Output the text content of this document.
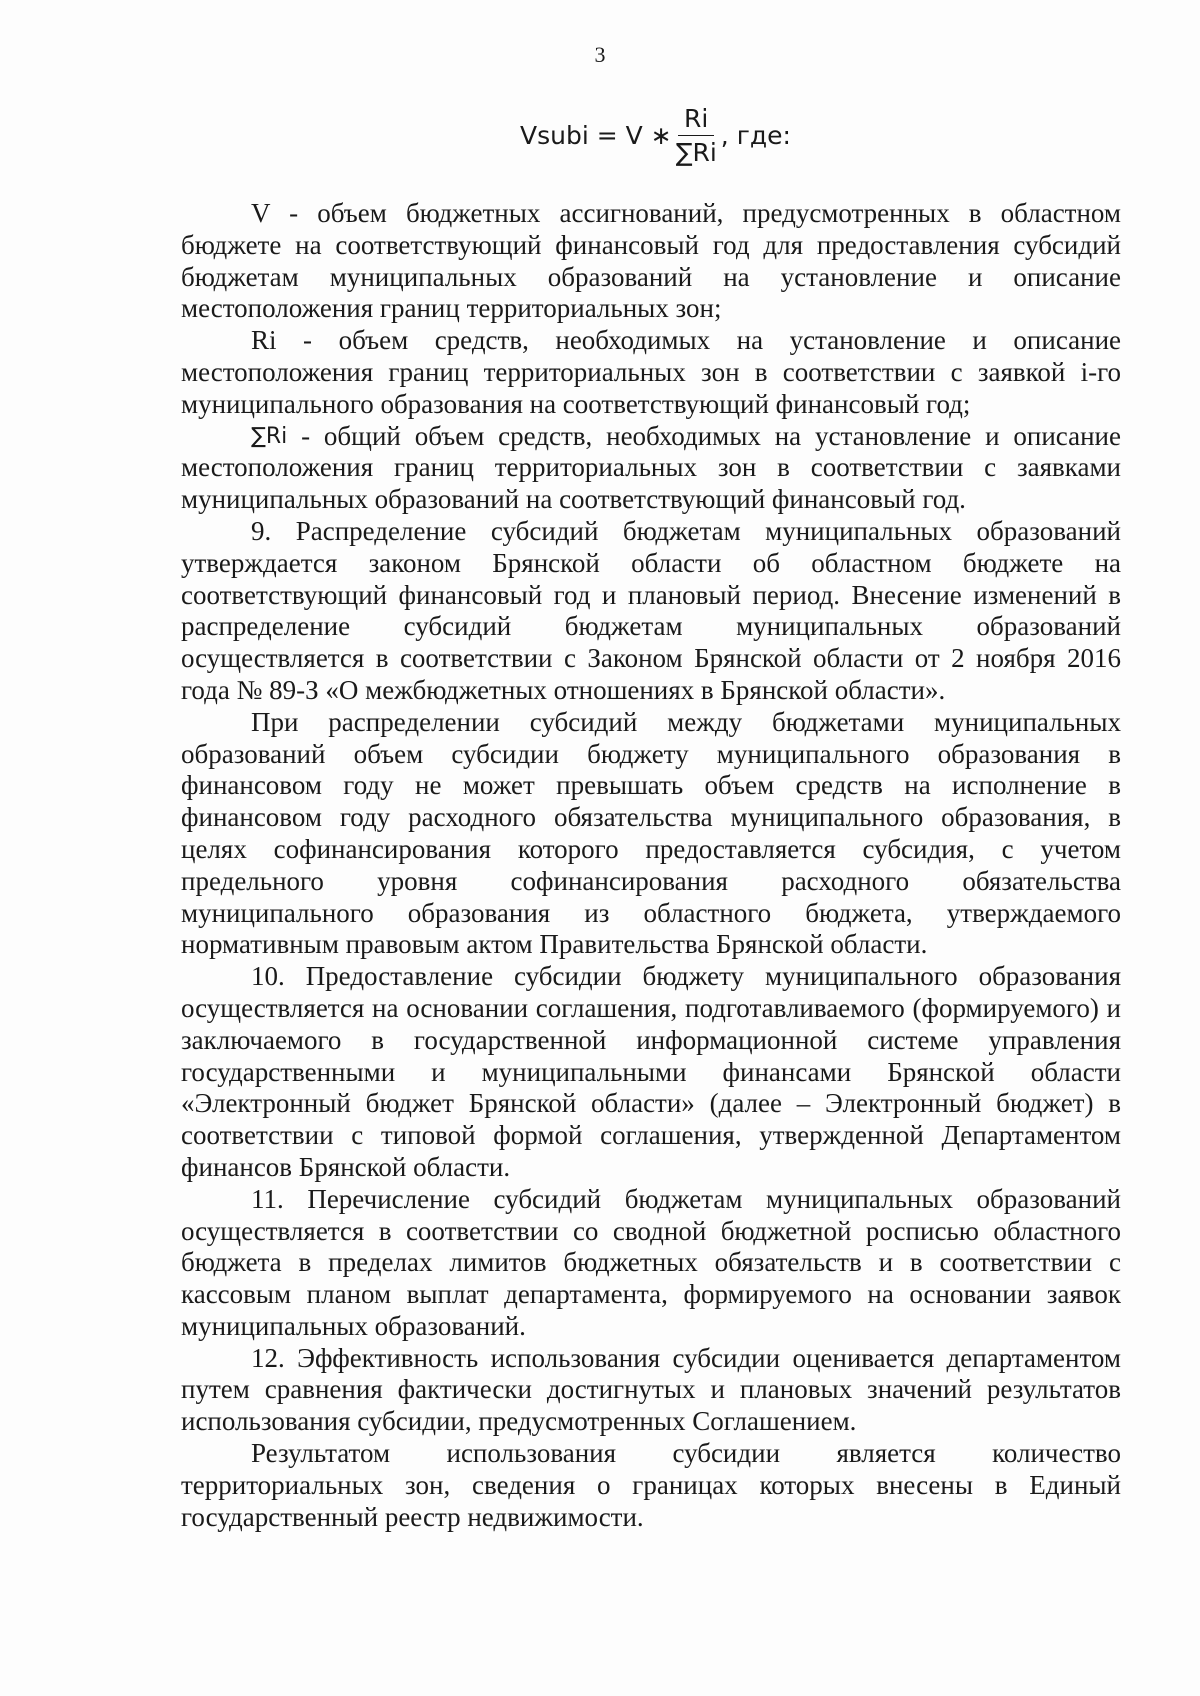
3
Vsubi = V ∗ $\frac{Ri}{\sum Ri}$ , где:

V - объем бюджетных ассигнований, предусмотренных в областном бюджете на соответствующий финансовый год для предоставления субсидий бюджетам муниципальных образований на установление и описание местоположения границ территориальных зон;

Ri - объем средств, необходимых на установление и описание местоположения границ территориальных зон в соответствии с заявкой i-го муниципального образования на соответствующий финансовый год;

∑Ri - общий объем средств, необходимых на установление и описание местоположения границ территориальных зон в соответствии с заявками муниципальных образований на соответствующий финансовый год.

9. Распределение субсидий бюджетам муниципальных образований утверждается законом Брянской области об областном бюджете на соответствующий финансовый год и плановый период. Внесение изменений в распределение субсидий бюджетам муниципальных образований осуществляется в соответствии с Законом Брянской области от 2 ноября 2016 года № 89-З «О межбюджетных отношениях в Брянской области».

При распределении субсидий между бюджетами муниципальных образований объем субсидии бюджету муниципального образования в финансовом году не может превышать объем средств на исполнение в финансовом году расходного обязательства муниципального образования, в целях софинансирования которого предоставляется субсидия, с учетом предельного уровня софинансирования расходного обязательства муниципального образования из областного бюджета, утверждаемого нормативным правовым актом Правительства Брянской области.

10. Предоставление субсидии бюджету муниципального образования осуществляется на основании соглашения, подготавливаемого (формируемого) и заключаемого в государственной информационной системе управления государственными и муниципальными финансами Брянской области «Электронный бюджет Брянской области» (далее – Электронный бюджет) в соответствии с типовой формой соглашения, утвержденной Департаментом финансов Брянской области.

11. Перечисление субсидий бюджетам муниципальных образований осуществляется в соответствии со сводной бюджетной росписью областного бюджета в пределах лимитов бюджетных обязательств и в соответствии с кассовым планом выплат департамента, формируемого на основании заявок муниципальных образований.

12. Эффективность использования субсидии оценивается департаментом путем сравнения фактически достигнутых и плановых значений результатов использования субсидии, предусмотренных Соглашением.

Результатом использования субсидии является количество территориальных зон, сведения о границах которых внесены в Единый государственный реестр недвижимости.
